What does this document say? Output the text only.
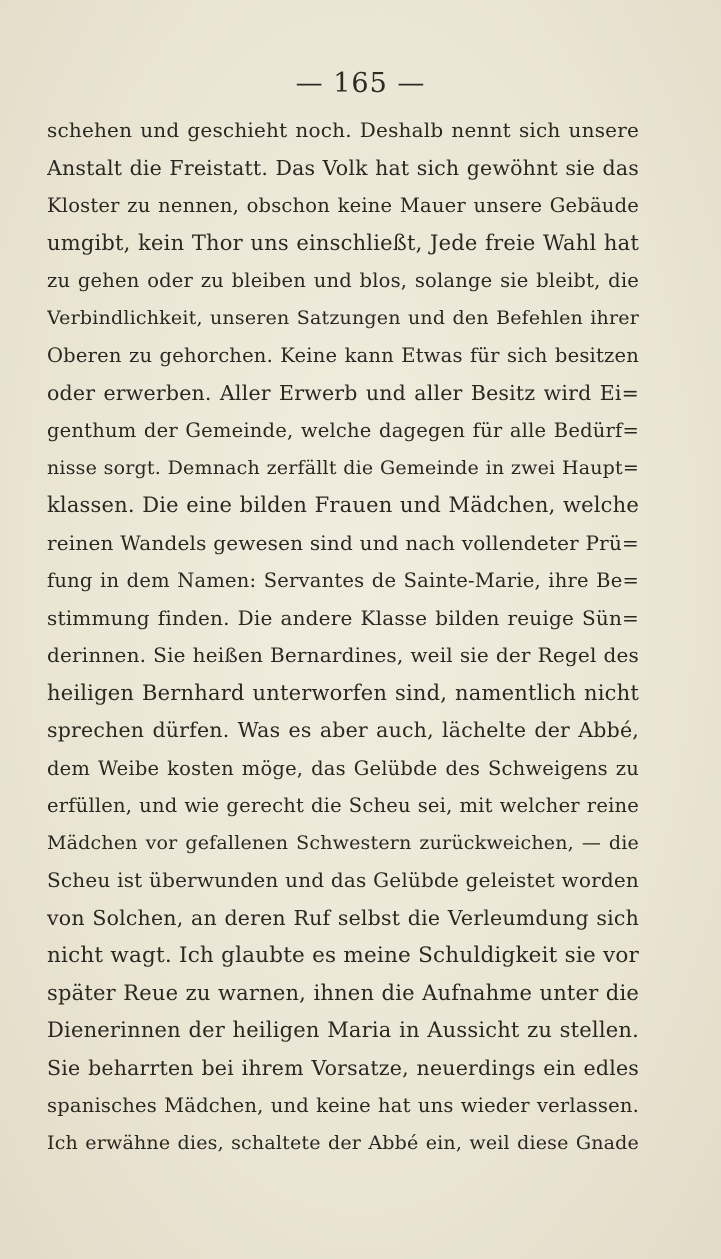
— 165 —
schehen und geschieht noch. Deshalb nennt sich unsere
Anstalt die Freistatt. Das Volk hat sich gewöhnt sie das
Kloster zu nennen, obschon keine Mauer unsere Gebäude
umgibt, kein Thor uns einschließt, Jede freie Wahl hat
zu gehen oder zu bleiben und blos, solange sie bleibt, die
Verbindlichkeit, unseren Satzungen und den Befehlen ihrer
Oberen zu gehorchen. Keine kann Etwas für sich besitzen
oder erwerben. Aller Erwerb und aller Besitz wird Ei=
genthum der Gemeinde, welche dagegen für alle Bedürf=
nisse sorgt. Demnach zerfällt die Gemeinde in zwei Haupt=
klassen. Die eine bilden Frauen und Mädchen, welche
reinen Wandels gewesen sind und nach vollendeter Prü=
fung in dem Namen: Servantes de Sainte-Marie, ihre Be=
stimmung finden. Die andere Klasse bilden reuige Sün=
derinnen. Sie heißen Bernardines, weil sie der Regel des
heiligen Bernhard unterworfen sind, namentlich nicht
sprechen dürfen. Was es aber auch, lächelte der Abbé,
dem Weibe kosten möge, das Gelübde des Schweigens zu
erfüllen, und wie gerecht die Scheu sei, mit welcher reine
Mädchen vor gefallenen Schwestern zurückweichen, — die
Scheu ist überwunden und das Gelübde geleistet worden
von Solchen, an deren Ruf selbst die Verleumdung sich
nicht wagt. Ich glaubte es meine Schuldigkeit sie vor
später Reue zu warnen, ihnen die Aufnahme unter die
Dienerinnen der heiligen Maria in Aussicht zu stellen.
Sie beharrten bei ihrem Vorsatze, neuerdings ein edles
spanisches Mädchen, und keine hat uns wieder verlassen.
Ich erwähne dies, schaltete der Abbé ein, weil diese Gnade
